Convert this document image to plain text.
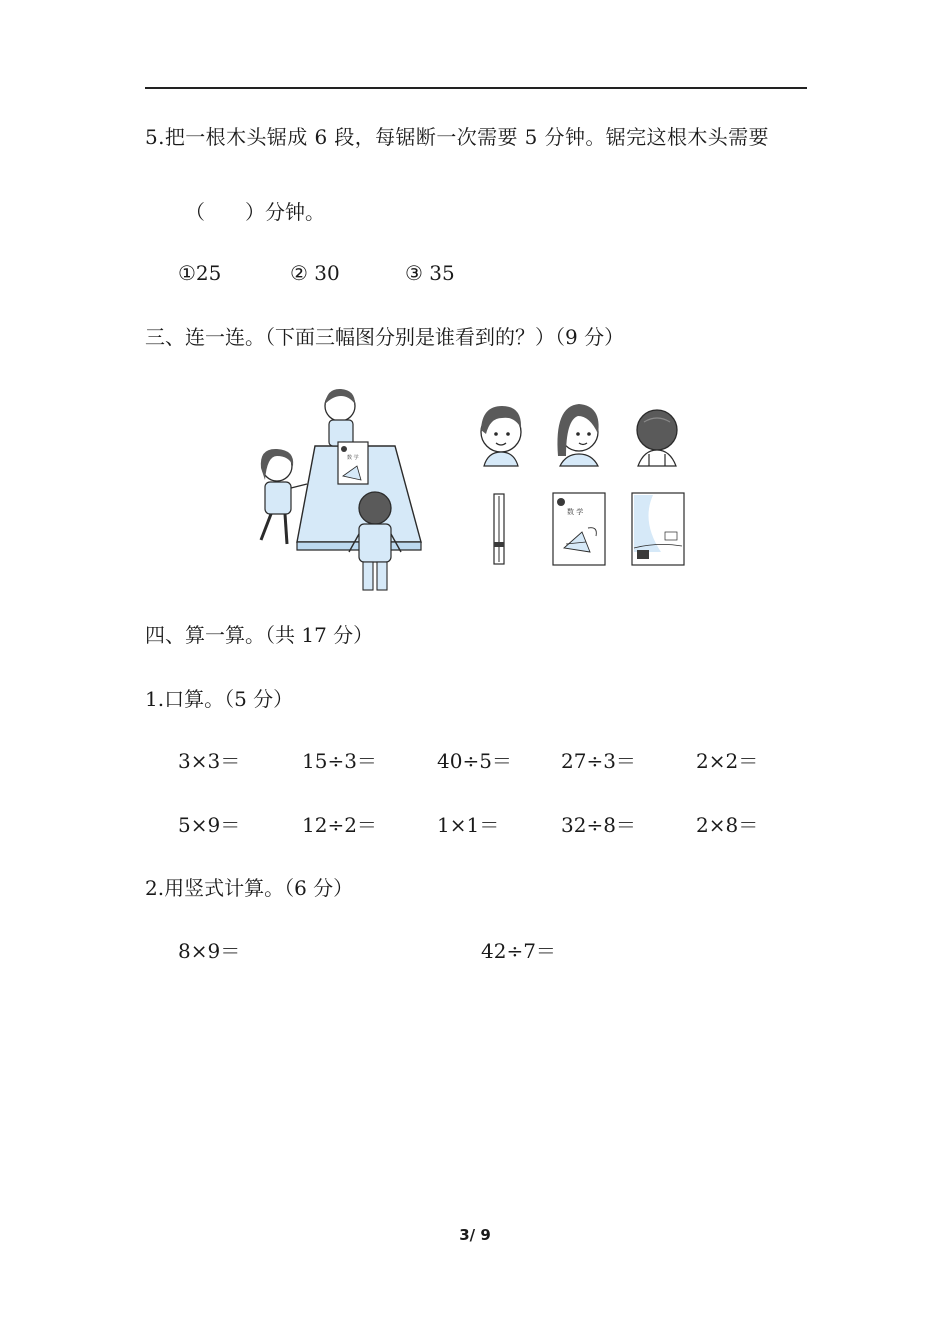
5.把一根木头锯成 6 段，每锯断一次需要 5 分钟。锯完这根木头需要
（　　）分钟。
①25	② 30	③ 35
三、连一连。（下面三幅图分别是谁看到的？）（9 分）
数 学
数 学
四、算一算。（共 17 分）
1.口算。（5 分）
3×3＝	15÷3＝	40÷5＝ 27÷3＝	2×2＝
5×9＝	12÷2＝	1×1＝	32÷8＝	2×8＝
2.用竖式计算。（6 分）
8×9＝	42÷7＝
3/ 9
